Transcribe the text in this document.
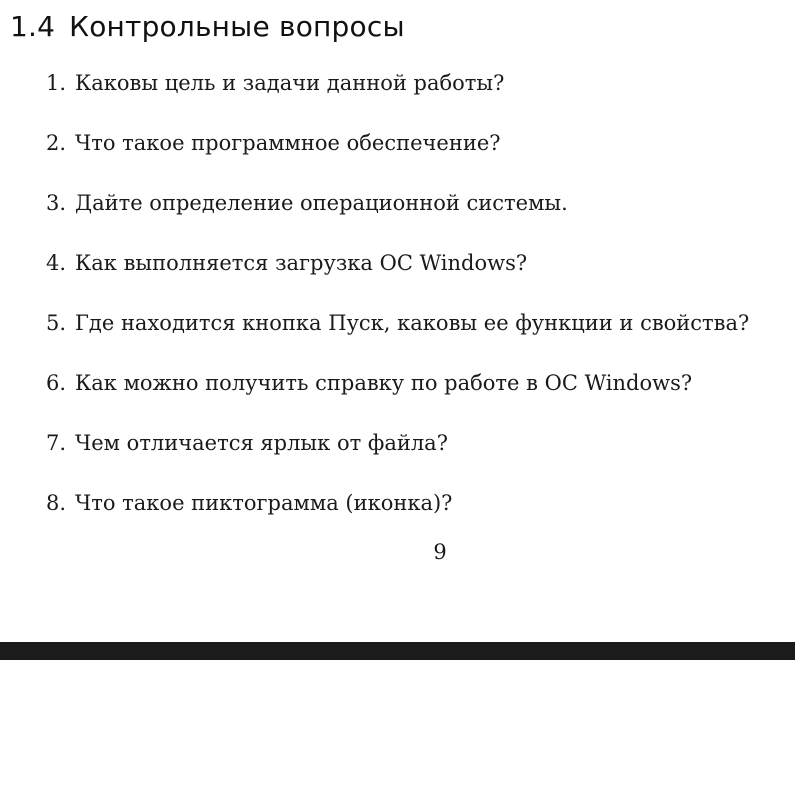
1.4 Контрольные вопросы
1. Каковы цель и задачи данной работы?
2. Что такое программное обеспечение?
3. Дайте определение операционной системы.
4. Как выполняется загрузка ОС Windows?
5. Где находится кнопка Пуск, каковы ее функции и свойства?
6. Как можно получить справку по работе в ОС Windows?
7. Чем отличается ярлык от файла?
8. Что такое пиктограмма (иконка)?
9
